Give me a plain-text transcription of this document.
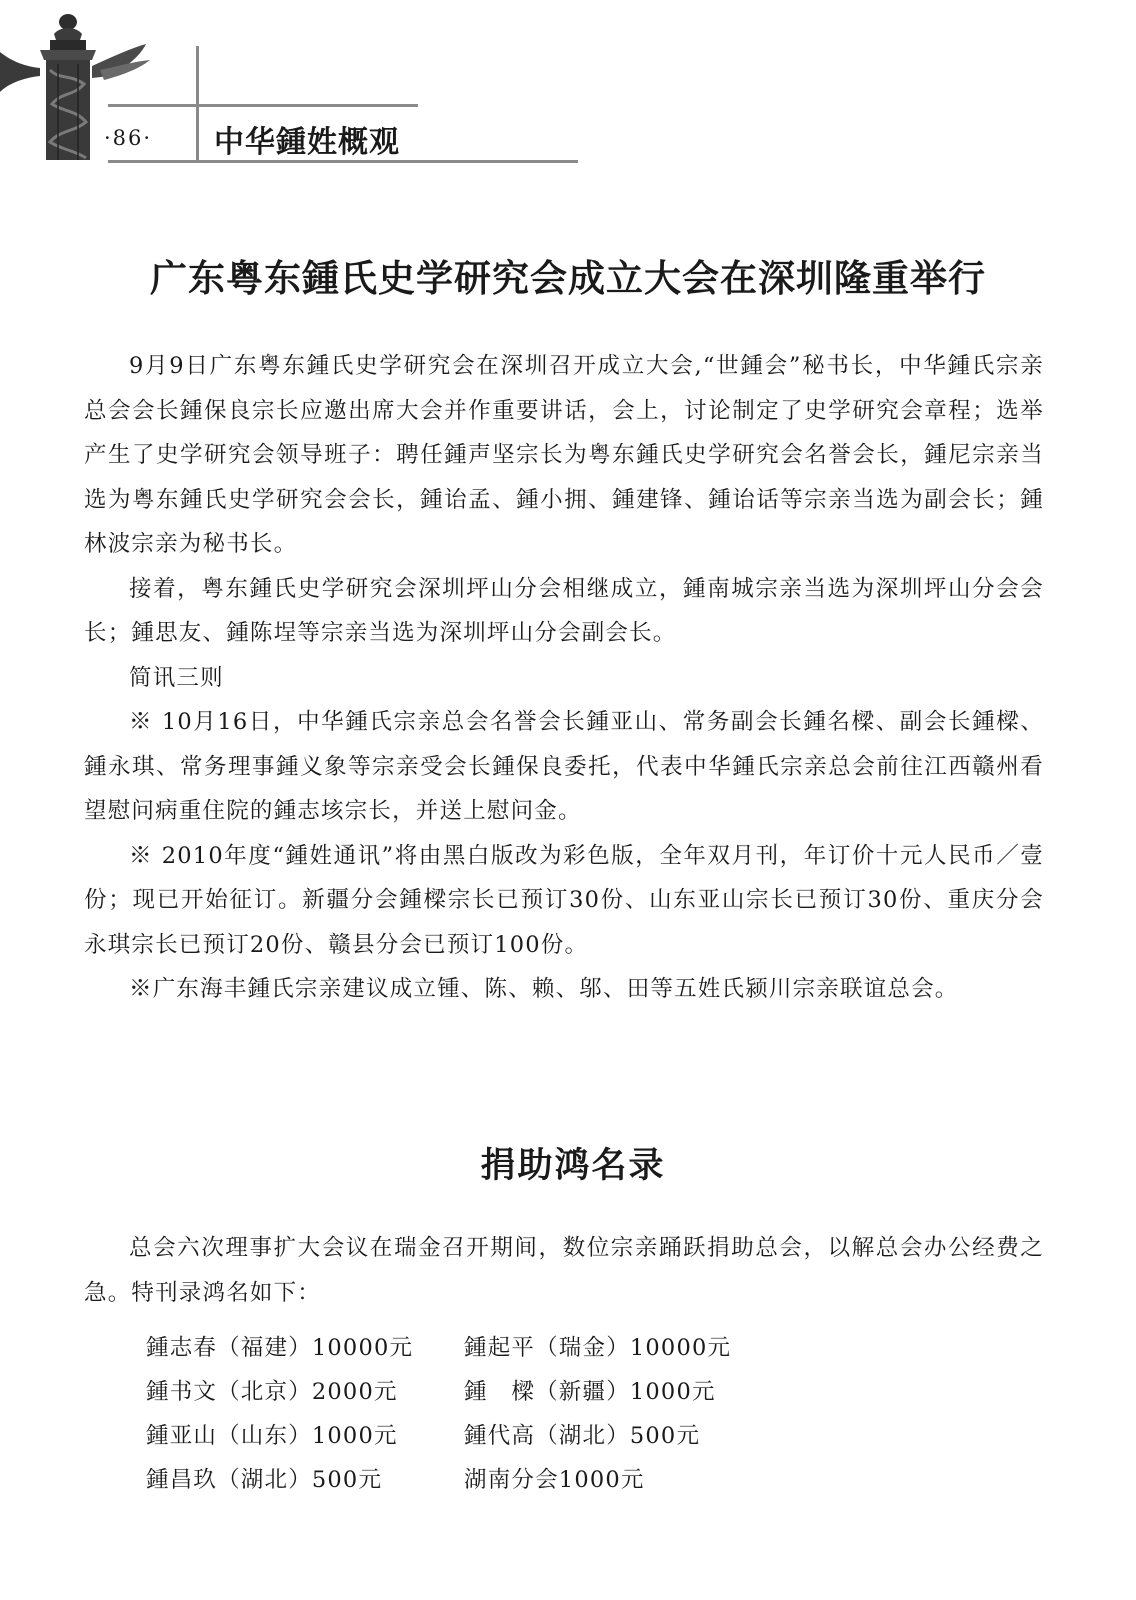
·86· 中华鍾姓概观
广东粤东鍾氏史学研究会成立大会在深圳隆重举行

9月9日广东粤东鍾氏史学研究会在深圳召开成立大会,“世鍾会”秘书长，中华鍾氏宗亲总会会长鍾保良宗长应邀出席大会并作重要讲话，会上，讨论制定了史学研究会章程；选举产生了史学研究会领导班子：聘任鍾声坚宗长为粤东鍾氏史学研究会名誉会长，鍾尼宗亲当选为粤东鍾氏史学研究会会长，鍾诒孟、鍾小拥、鍾建锋、鍾诒话等宗亲当选为副会长；鍾林波宗亲为秘书长。

接着，粤东鍾氏史学研究会深圳坪山分会相继成立，鍾南城宗亲当选为深圳坪山分会会长；鍾思友、鍾陈埕等宗亲当选为深圳坪山分会副会长。

简讯三则

※ 10月16日，中华鍾氏宗亲总会名誉会长鍾亚山、常务副会长鍾名樑、副会长鍾樑、鍾永琪、常务理事鍾义象等宗亲受会长鍾保良委托，代表中华鍾氏宗亲总会前往江西赣州看望慰问病重住院的鍾志垓宗长，并送上慰问金。

※ 2010年度“鍾姓通讯”将由黑白版改为彩色版，全年双月刊，年订价十元人民币／壹份；现已开始征订。新疆分会鍾樑宗长已预订30份、山东亚山宗长已预订30份、重庆分会永琪宗长已预订20份、赣县分会已预订100份。

※广东海丰鍾氏宗亲建议成立锺、陈、赖、邬、田等五姓氏颍川宗亲联谊总会。

捐助鸿名录

总会六次理事扩大会议在瑞金召开期间，数位宗亲踊跃捐助总会，以解总会办公经费之急。特刊录鸿名如下：

鍾志春（福建）10000元	鍾起平（瑞金）10000元
鍾书文（北京）2000元	鍾　樑（新疆）1000元
鍾亚山（山东）1000元	鍾代高（湖北）500元
鍾昌玖（湖北）500元	湖南分会1000元
